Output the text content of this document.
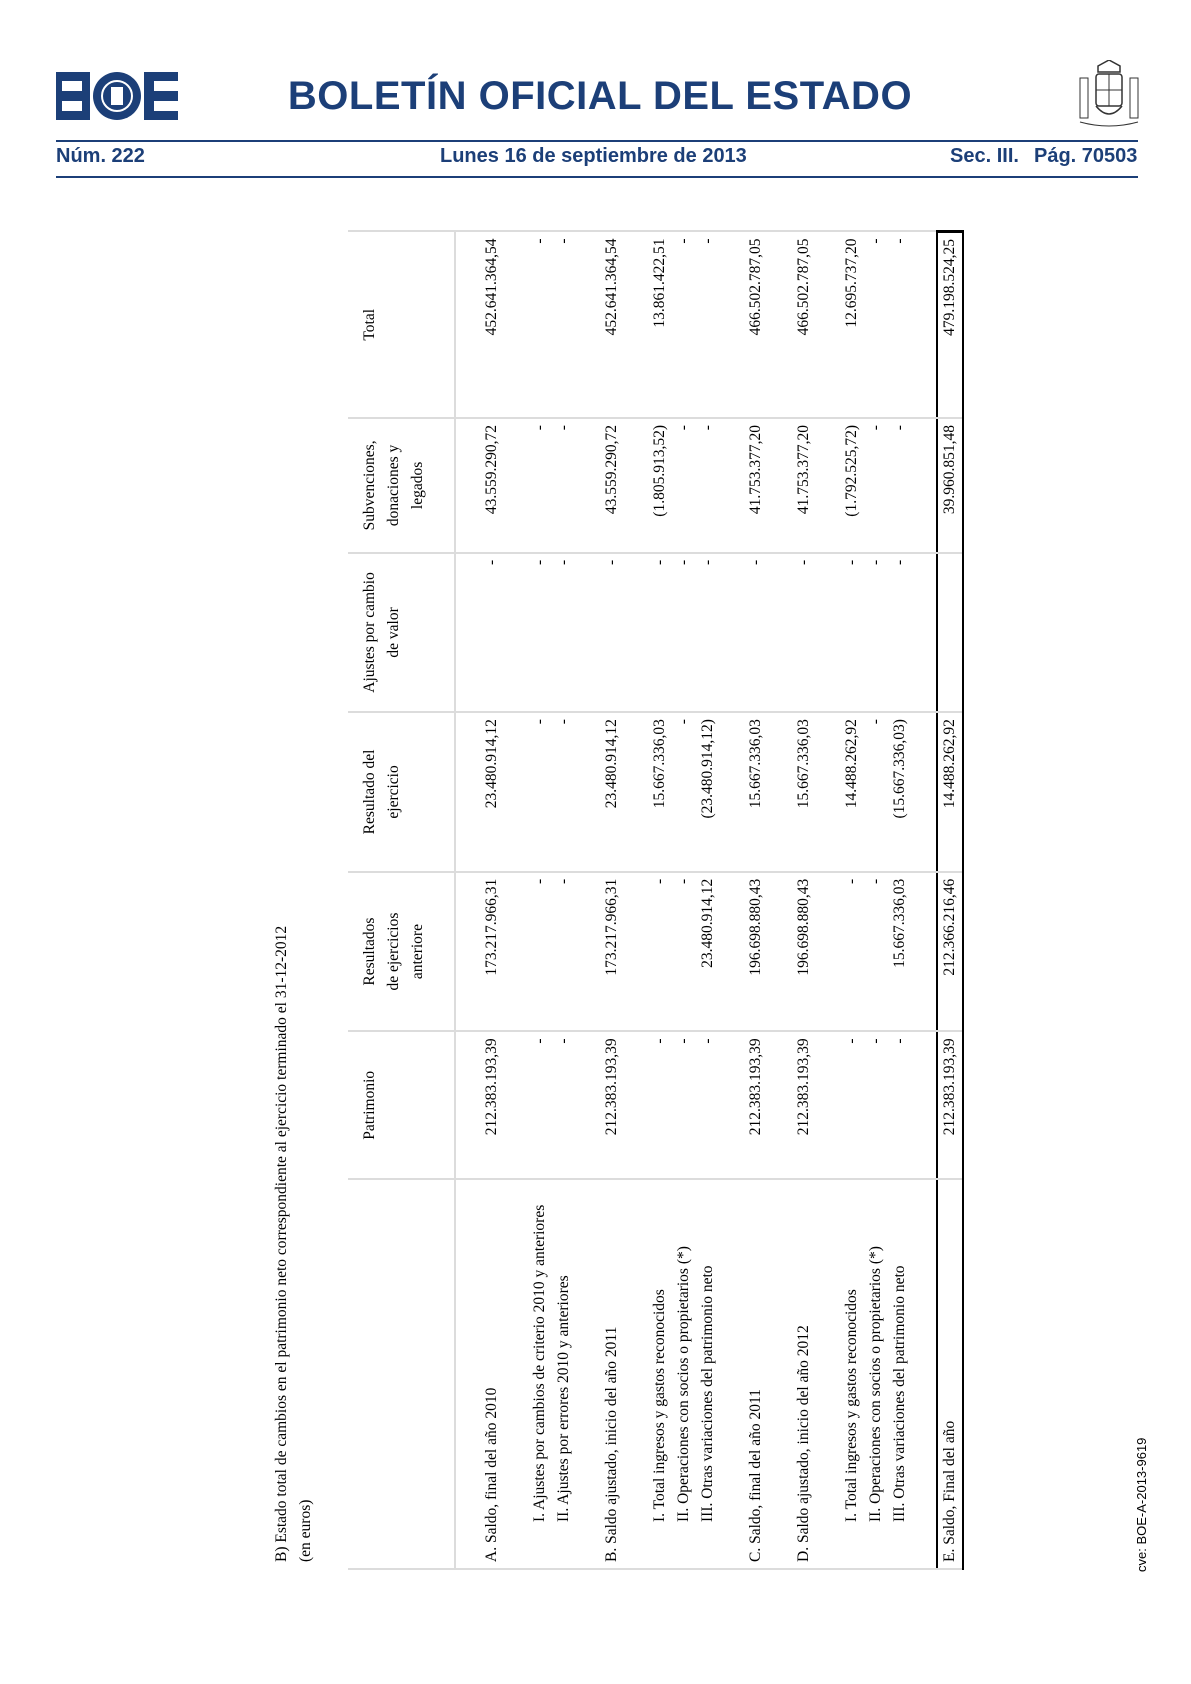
BOLETÍN OFICIAL DEL ESTADO
Núm. 222	Lunes 16 de septiembre de 2013	Sec. III. Pág. 70503
B) Estado total de cambios en el patrimonio neto correspondiente al ejercicio terminado el 31-12-2012 (en euros)
	Patrimonio	Resultados de ejercicios anteriore	Resultado del ejercicio	Ajustes por cambio de valor	Subvenciones, donaciones y legados	Total

A. Saldo, final del año 2010	212.383.193,39	173.217.966,31	23.480.914,12	-	43.559.290,72	452.641.364,54

I. Ajustes por cambios de criterio 2010 y anteriores	-	-	-	-	-	-
II. Ajustes por errores 2010 y anteriores	-	-	-	-	-	-

B. Saldo ajustado, inicio del año 2011	212.383.193,39	173.217.966,31	23.480.914,12	-	43.559.290,72	452.641.364,54

I. Total ingresos y gastos reconocidos	-	-	15.667.336,03	-	(1.805.913,52)	13.861.422,51
II. Operaciones con socios o propietarios (*)	-	-	-	-	-	-
III. Otras variaciones del patrimonio neto	-	23.480.914,12	(23.480.914,12)	-	-	-

C. Saldo, final del año 2011	212.383.193,39	196.698.880,43	15.667.336,03	-	41.753.377,20	466.502.787,05

D. Saldo ajustado, inicio del año 2012	212.383.193,39	196.698.880,43	15.667.336,03	-	41.753.377,20	466.502.787,05

I. Total ingresos y gastos reconocidos	-	-	14.488.262,92	-	(1.792.525,72)	12.695.737,20
II. Operaciones con socios o propietarios (*)	-	-	-	-	-	-
III. Otras variaciones del patrimonio neto	-	15.667.336,03	(15.667.336,03)	-	-	-

E. Saldo, Final del año	212.383.193,39	212.366.216,46	14.488.262,92		39.960.851,48	479.198.524,25
cve: BOE-A-2013-9619
